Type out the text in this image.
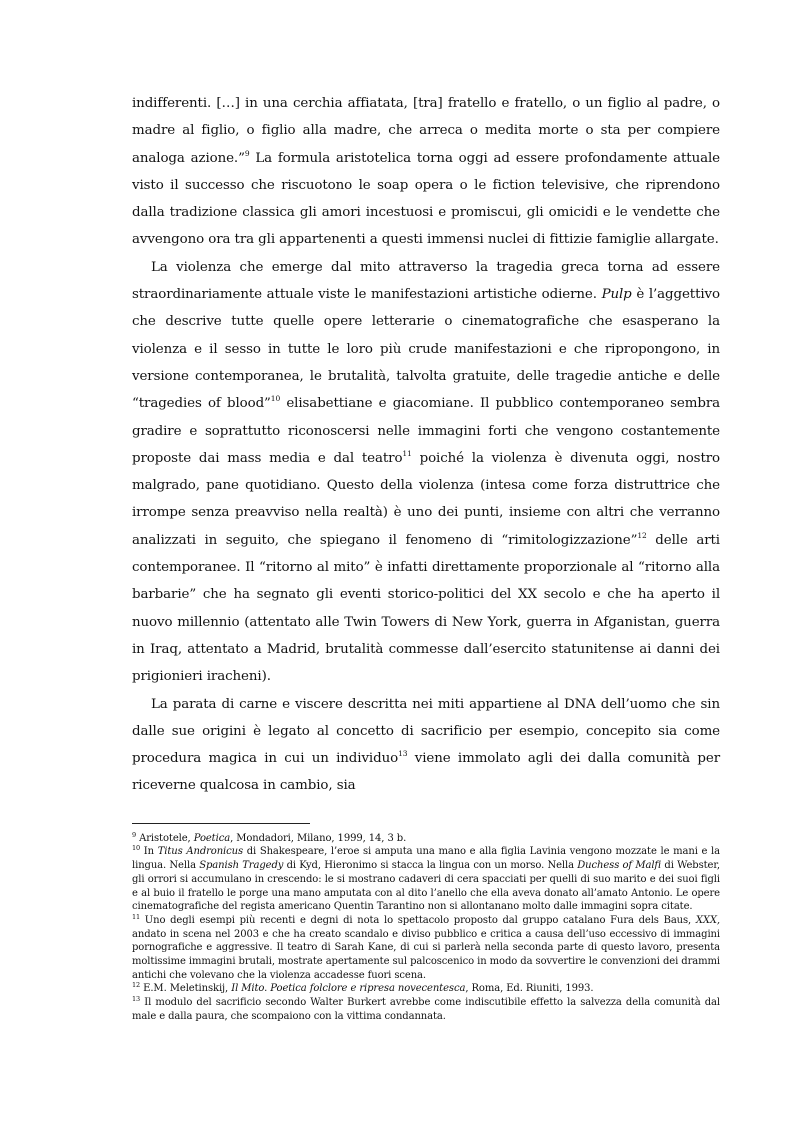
indifferenti. […] in una cerchia affiatata, [tra] fratello e fratello, o un figlio al padre, o madre al figlio, o figlio alla madre, che arreca o medita morte o sta per compiere analoga azione.”$^9$ La formula aristotelica torna oggi ad essere profondamente attuale visto il successo che riscuotono le soap opera o le fiction televisive, che riprendono dalla tradizione classica gli amori incestuosi e promiscui, gli omicidi e le vendette che avvengono ora tra gli appartenenti a questi immensi nuclei di fittizie famiglie allargate.

La violenza che emerge dal mito attraverso la tragedia greca torna ad essere straordinariamente attuale viste le manifestazioni artistiche odierne. Pulp è l’aggettivo che descrive tutte quelle opere letterarie o cinematografiche che esasperano la violenza e il sesso in tutte le loro più crude manifestazioni e che ripropongono, in versione contemporanea, le brutalità, talvolta gratuite, delle tragedie antiche e delle “tragedies of blood”$^{10}$ elisabettiane e giacomiane. Il pubblico contemporaneo sembra gradire e soprattutto riconoscersi nelle immagini forti che vengono costantemente proposte dai mass media e dal teatro$^{11}$ poiché la violenza è divenuta oggi, nostro malgrado, pane quotidiano. Questo della violenza (intesa come forza distruttrice che irrompe senza preavviso nella realtà) è uno dei punti, insieme con altri che verranno analizzati in seguito, che spiegano il fenomeno di “rimitologizzazione”$^{12}$ delle arti contemporanee. Il “ritorno al mito” è infatti direttamente proporzionale al “ritorno alla barbarie” che ha segnato gli eventi storico-politici del XX secolo e che ha aperto il nuovo millennio (attentato alle Twin Towers di New York, guerra in Afganistan, guerra in Iraq, attentato a Madrid, brutalità commesse dall’esercito statunitense ai danni dei prigionieri iracheni).

La parata di carne e viscere descritta nei miti appartiene al DNA dell’uomo che sin dalle sue origini è legato al concetto di sacrificio per esempio, concepito sia come procedura magica in cui un individuo$^{13}$ viene immolato agli dei dalla comunità per riceverne qualcosa in cambio, sia

$^9$ Aristotele, Poetica, Mondadori, Milano, 1999, 14, 3 b.

$^{10}$ In Titus Andronicus di Shakespeare, l’eroe si amputa una mano e alla figlia Lavinia vengono mozzate le mani e la lingua. Nella Spanish Tragedy di Kyd, Hieronimo si stacca la lingua con un morso. Nella Duchess of Malfi di Webster, gli orrori si accumulano in crescendo: le si mostrano cadaveri di cera spacciati per quelli di suo marito e dei suoi figli e al buio il fratello le porge una mano amputata con al dito l’anello che ella aveva donato all’amato Antonio. Le opere cinematografiche del regista americano Quentin Tarantino non si allontanano molto dalle immagini sopra citate.

$^{11}$ Uno degli esempi più recenti e degni di nota lo spettacolo proposto dal gruppo catalano Fura dels Baus, XXX, andato in scena nel 2003 e che ha creato scandalo e diviso pubblico e critica a causa dell’uso eccessivo di immagini pornografiche e aggressive. Il teatro di Sarah Kane, di cui si parlerà nella seconda parte di questo lavoro, presenta moltissime immagini brutali, mostrate apertamente sul palcoscenico in modo da sovvertire le convenzioni dei drammi antichi che volevano che la violenza accadesse fuori scena.

$^{12}$ E.M. Meletinskij, Il Mito. Poetica folclore e ripresa novecentesca, Roma, Ed. Riuniti, 1993.

$^{13}$ Il modulo del sacrificio secondo Walter Burkert avrebbe come indiscutibile effetto la salvezza della comunità dal male e dalla paura, che scompaiono con la vittima condannata.
